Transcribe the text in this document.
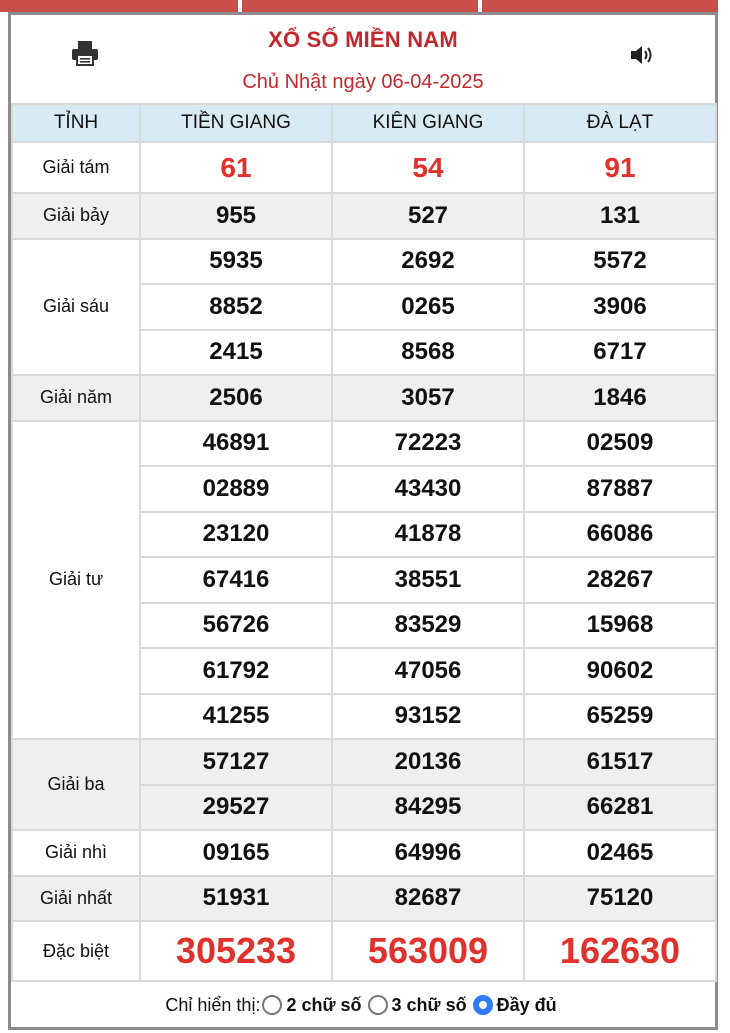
XỔ SỐ MIỀN NAM
Chủ Nhật ngày 06-04-2025
TỈNH	TIỀN GIANG	KIÊN GIANG	ĐÀ LẠT
Giải tám	61	54	91
Giải bảy	955	527	131
Giải sáu	5935	2692	5572
	8852	0265	3906
	2415	8568	6717
Giải năm	2506	3057	1846
Giải tư	46891	72223	02509
	02889	43430	87887
	23120	41878	66086
	67416	38551	28267
	56726	83529	15968
	61792	47056	90602
	41255	93152	65259
Giải ba	57127	20136	61517
	29527	84295	66281
Giải nhì	09165	64996	02465
Giải nhất	51931	82687	75120
Đặc biệt	305233	563009	162630
Chỉ hiển thị: 2 chữ số 3 chữ số Đầy đủ
